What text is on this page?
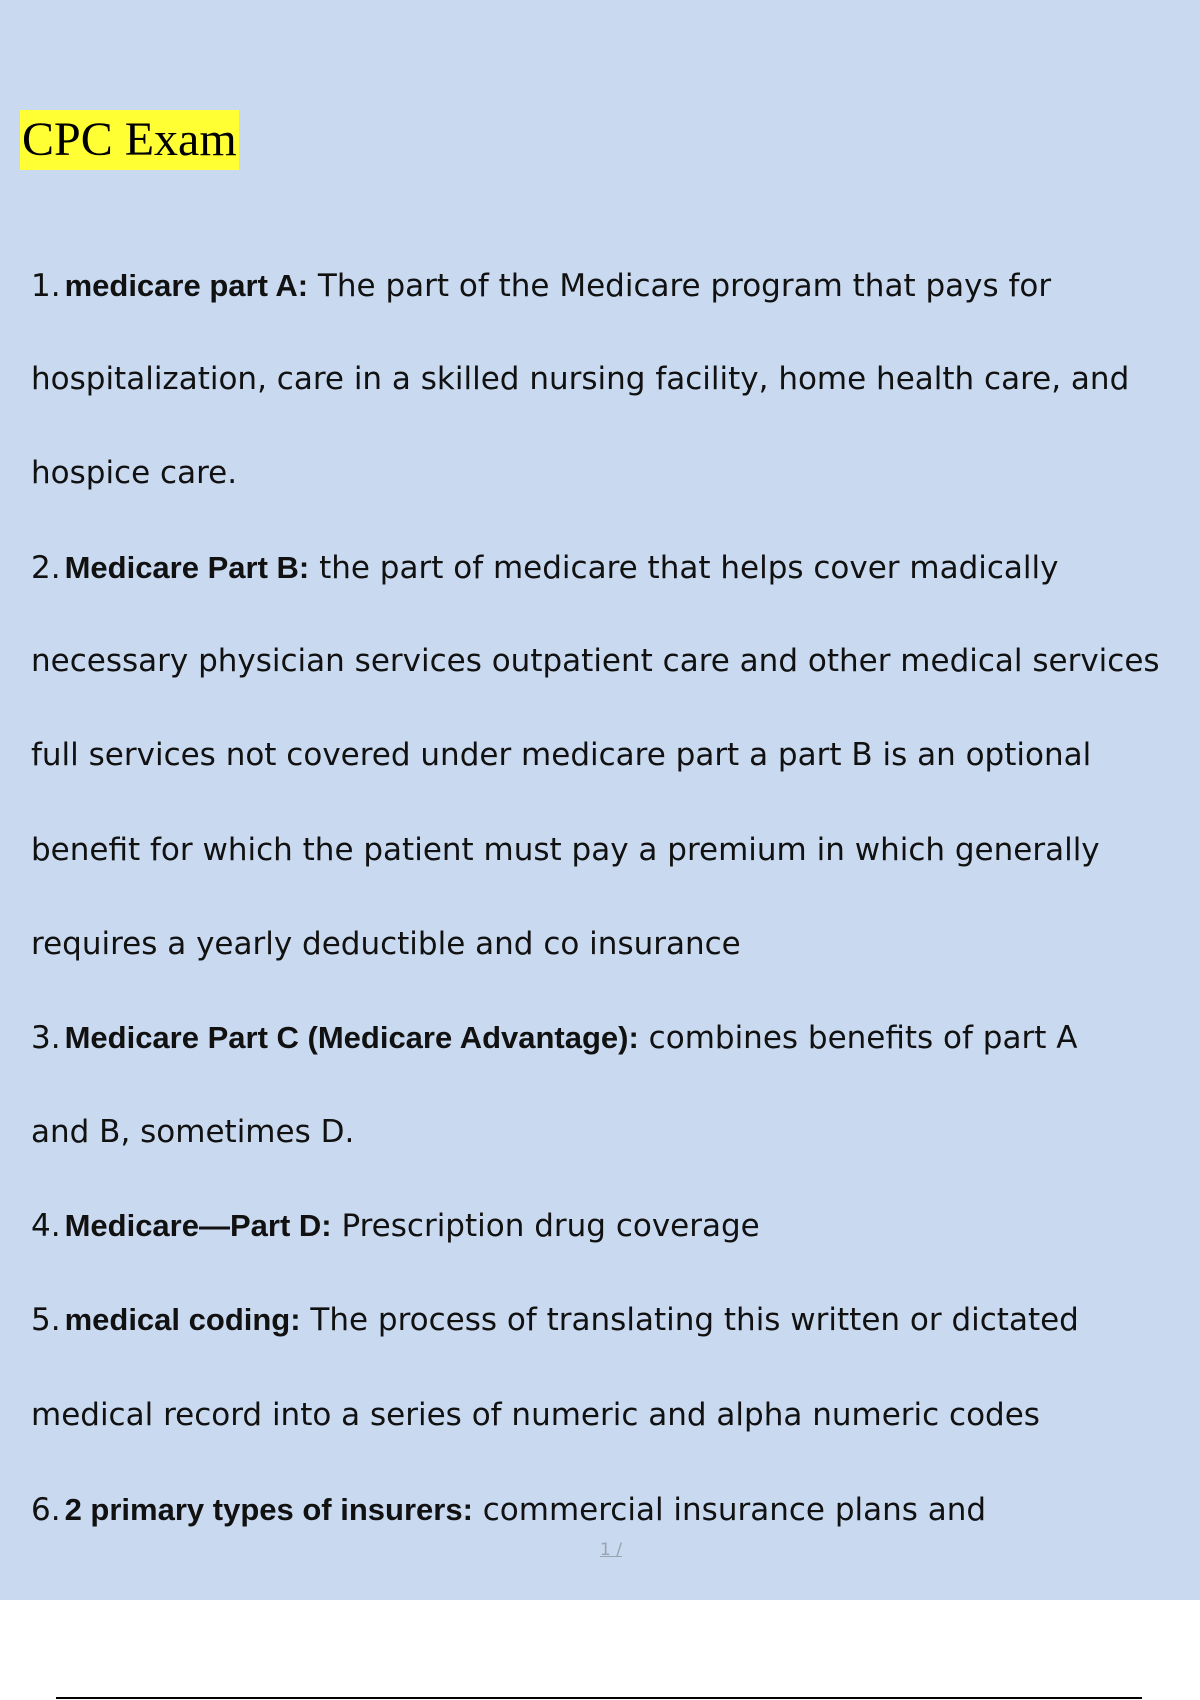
CPC Exam

1. medicare part A: The part of the Medicare program that pays for

hospitalization, care in a skilled nursing facility, home health care, and

hospice care.

2. Medicare Part B: the part of medicare that helps cover madically

necessary physician services outpatient care and other medical services

full services not covered under medicare part a part B is an optional

benefit for which the patient must pay a premium in which generally

requires a yearly deductible and co insurance

3. Medicare Part C (Medicare Advantage): combines benefits of part A

and B, sometimes D.

4. Medicare—Part D: Prescription drug coverage

5. medical coding: The process of translating this written or dictated

medical record into a series of numeric and alpha numeric codes

6. 2 primary types of insurers: commercial insurance plans and

1 /
